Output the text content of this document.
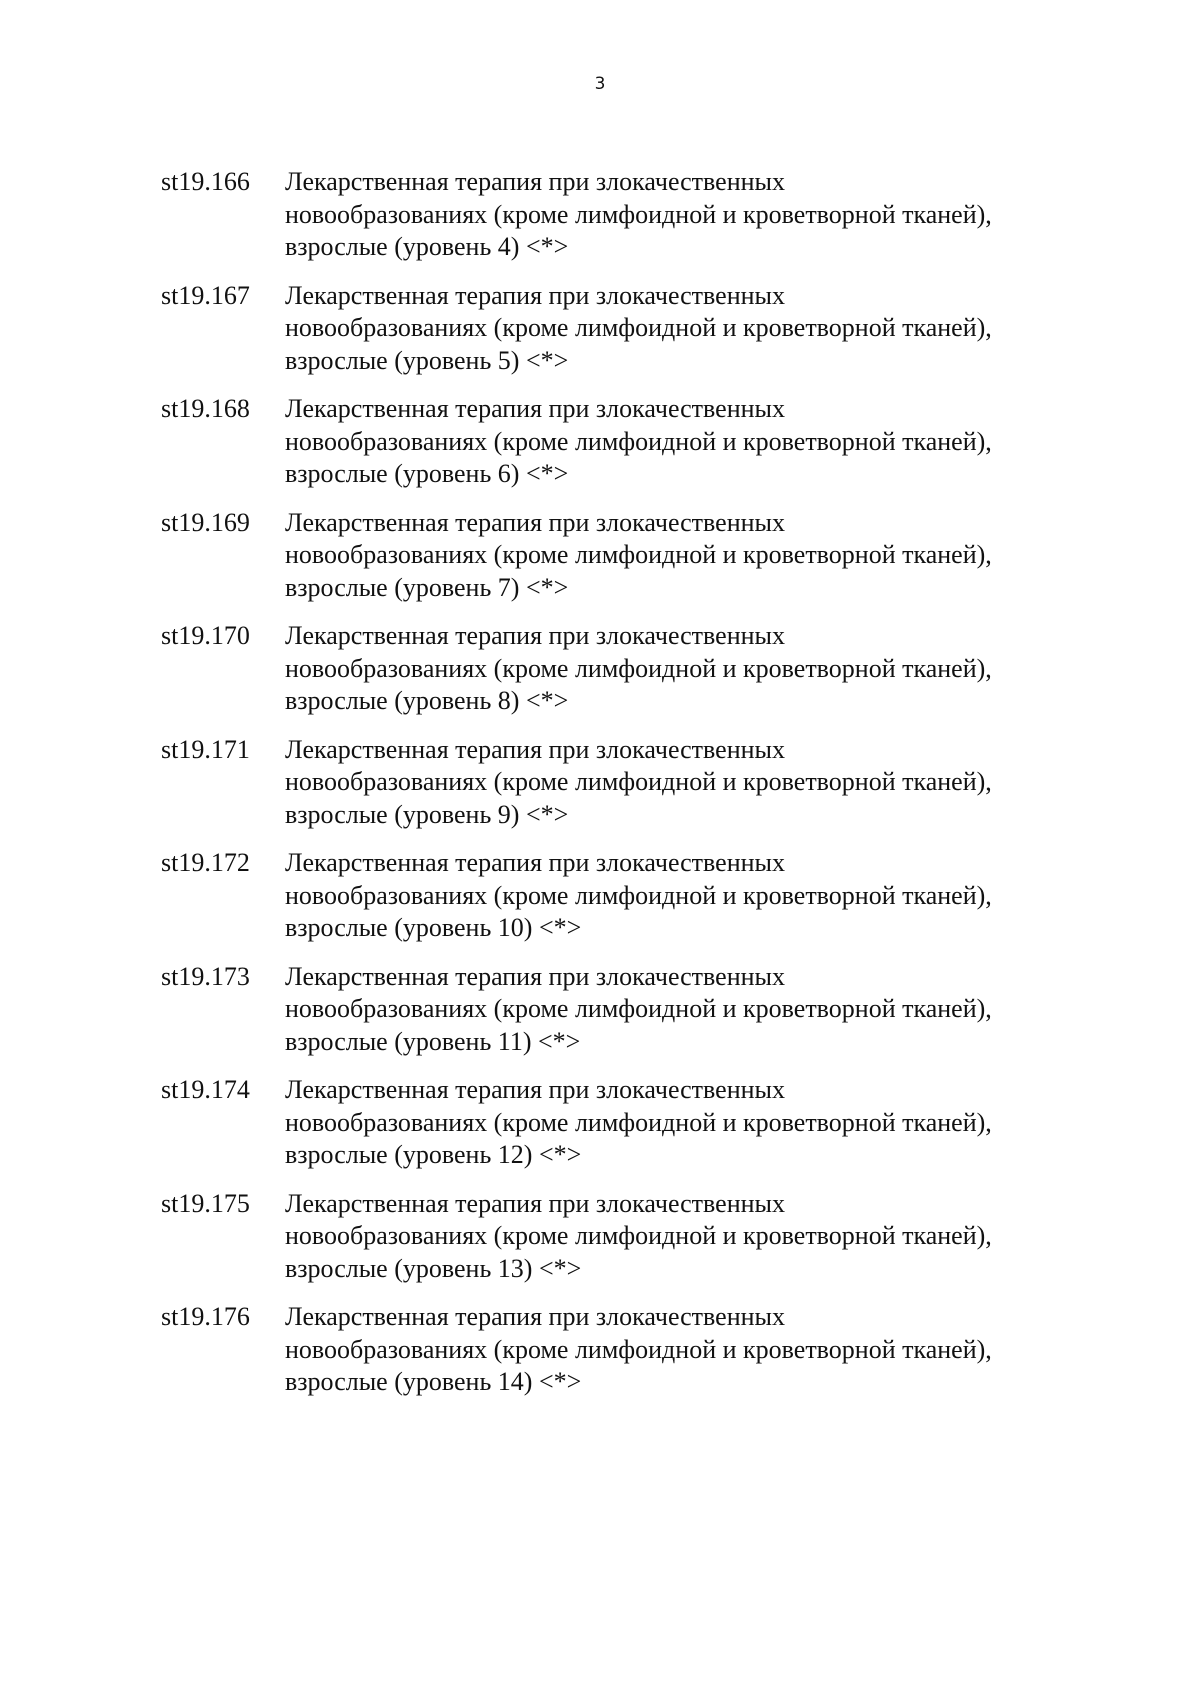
3
st19.166	Лекарственная терапия при злокачественных
новообразованиях (кроме лимфоидной и кроветворной тканей),
взрослые (уровень 4) <*>
st19.167	Лекарственная терапия при злокачественных
новообразованиях (кроме лимфоидной и кроветворной тканей),
взрослые (уровень 5) <*>
st19.168	Лекарственная терапия при злокачественных
новообразованиях (кроме лимфоидной и кроветворной тканей),
взрослые (уровень 6) <*>
st19.169	Лекарственная терапия при злокачественных
новообразованиях (кроме лимфоидной и кроветворной тканей),
взрослые (уровень 7) <*>
st19.170	Лекарственная терапия при злокачественных
новообразованиях (кроме лимфоидной и кроветворной тканей),
взрослые (уровень 8) <*>
st19.171	Лекарственная терапия при злокачественных
новообразованиях (кроме лимфоидной и кроветворной тканей),
взрослые (уровень 9) <*>
st19.172	Лекарственная терапия при злокачественных
новообразованиях (кроме лимфоидной и кроветворной тканей),
взрослые (уровень 10) <*>
st19.173	Лекарственная терапия при злокачественных
новообразованиях (кроме лимфоидной и кроветворной тканей),
взрослые (уровень 11) <*>
st19.174	Лекарственная терапия при злокачественных
новообразованиях (кроме лимфоидной и кроветворной тканей),
взрослые (уровень 12) <*>
st19.175	Лекарственная терапия при злокачественных
новообразованиях (кроме лимфоидной и кроветворной тканей),
взрослые (уровень 13) <*>
st19.176	Лекарственная терапия при злокачественных
новообразованиях (кроме лимфоидной и кроветворной тканей),
взрослые (уровень 14) <*>
